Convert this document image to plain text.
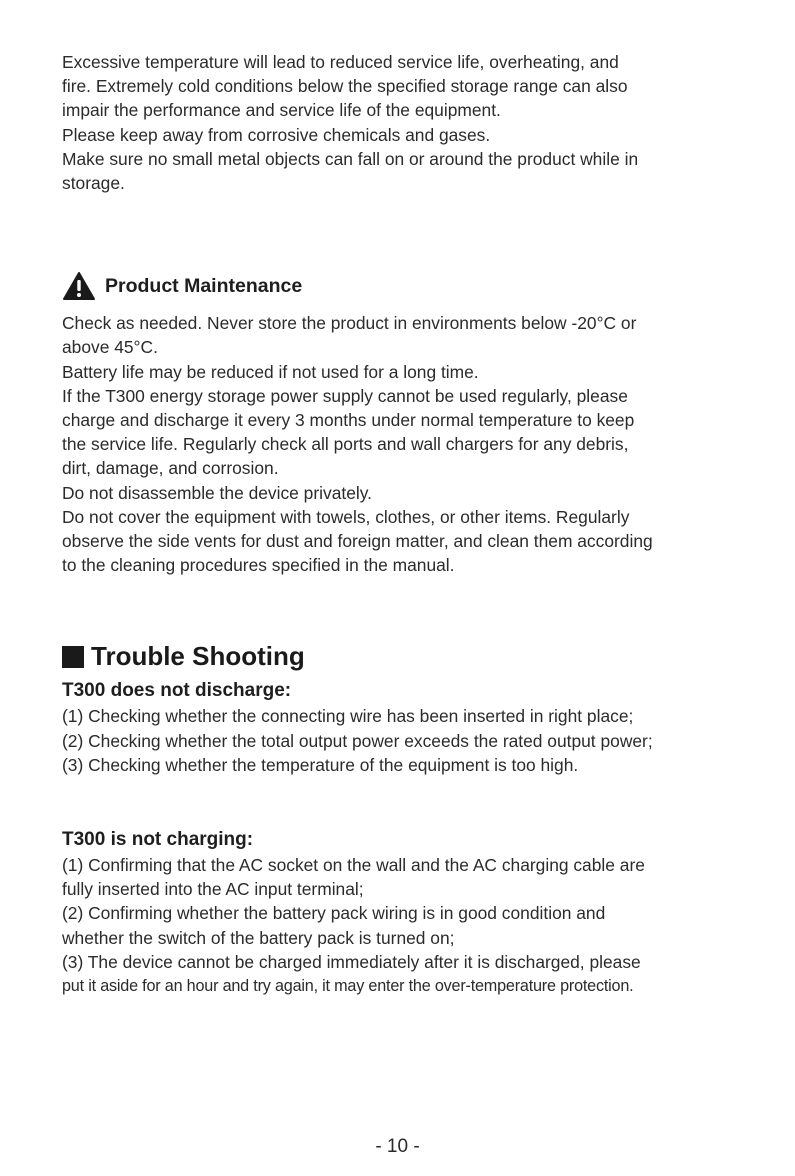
Excessive temperature will lead to reduced service life, overheating, and

fire. Extremely cold conditions below the specified storage range can also

impair the performance and service life of the equipment.

Please keep away from corrosive chemicals and gases.

Make sure no small metal objects can fall on or around the product while in

storage.

Product Maintenance

Check as needed. Never store the product in environments below -20°C or

above 45°C.

Battery life may be reduced if not used for a long time.

If the T300 energy storage power supply cannot be used regularly, please

charge and discharge it every 3 months under normal temperature to keep

the service life. Regularly check all ports and wall chargers for any debris,

dirt, damage, and corrosion.

Do not disassemble the device privately.

Do not cover the equipment with towels, clothes, or other items. Regularly

observe the side vents for dust and foreign matter, and clean them according

to the cleaning procedures specified in the manual.

Trouble Shooting

T300 does not discharge:

(1) Checking whether the connecting wire has been inserted in right place;

(2) Checking whether the total output power exceeds the rated output power;

(3) Checking whether the temperature of the equipment is too high.

T300 is not charging:

(1) Confirming that the AC socket on the wall and the AC charging cable are

fully inserted into the AC input terminal;

(2) Confirming whether the battery pack wiring is in good condition and

whether the switch of the battery pack is turned on;

(3) The device cannot be charged immediately after it is discharged, please

put it aside for an hour and try again, it may enter the over-temperature protection.

- 10 -
